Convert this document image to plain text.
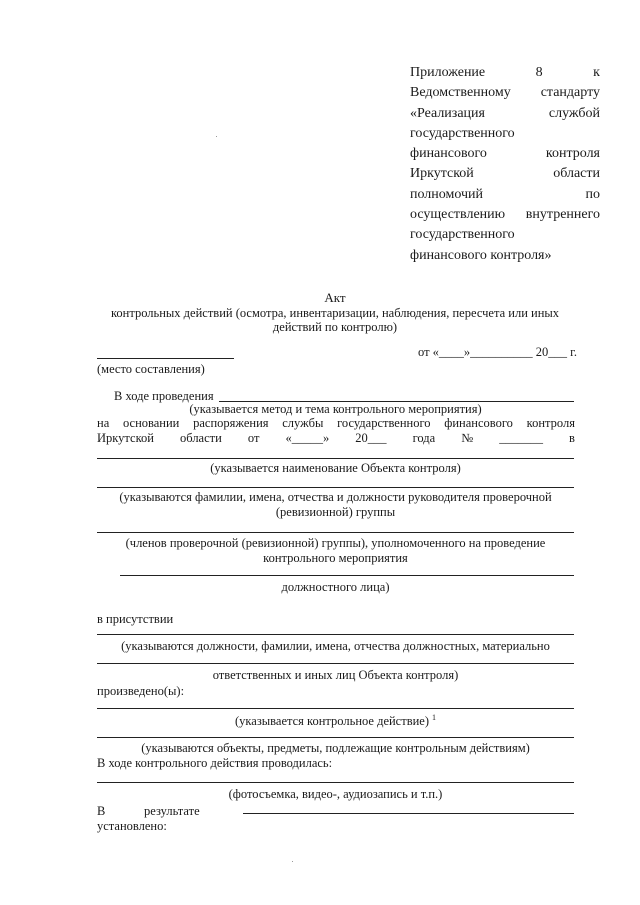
Приложение	8	к
Ведомственному стандарту
«Реализация	службой
государственного
финансового	контроля
Иркутской	области
полномочий	по
осуществлению внутреннего
государственного
финансового контроля»
Акт
контрольных действий (осмотра, инвентаризации, наблюдения, пересчета или иных
действий по контролю)
(место составления)
от «____»__________ 20___ г.
В ходе проведения
(указывается метод и тема контрольного мероприятия)
на основании распоряжения службы государственного финансового контроля
Иркутской области от «_____» 20___ года № _______ в
(указывается наименование Объекта контроля)
(указываются фамилии, имена, отчества и должности руководителя проверочной
(ревизионной) группы
(членов проверочной (ревизионной) группы), уполномоченного на проведение
контрольного мероприятия
должностного лица)
в присутствии
(указываются должности, фамилии, имена, отчества должностных, материально
ответственных и иных лиц Объекта контроля)
произведено(ы):
(указывается контрольное действие) $^1$
(указываются объекты, предметы, подлежащие контрольным действиям)
В ходе контрольного действия проводилась:
(фотосъемка, видео-, аудиозапись и т.п.)
В	результате
установлено:
